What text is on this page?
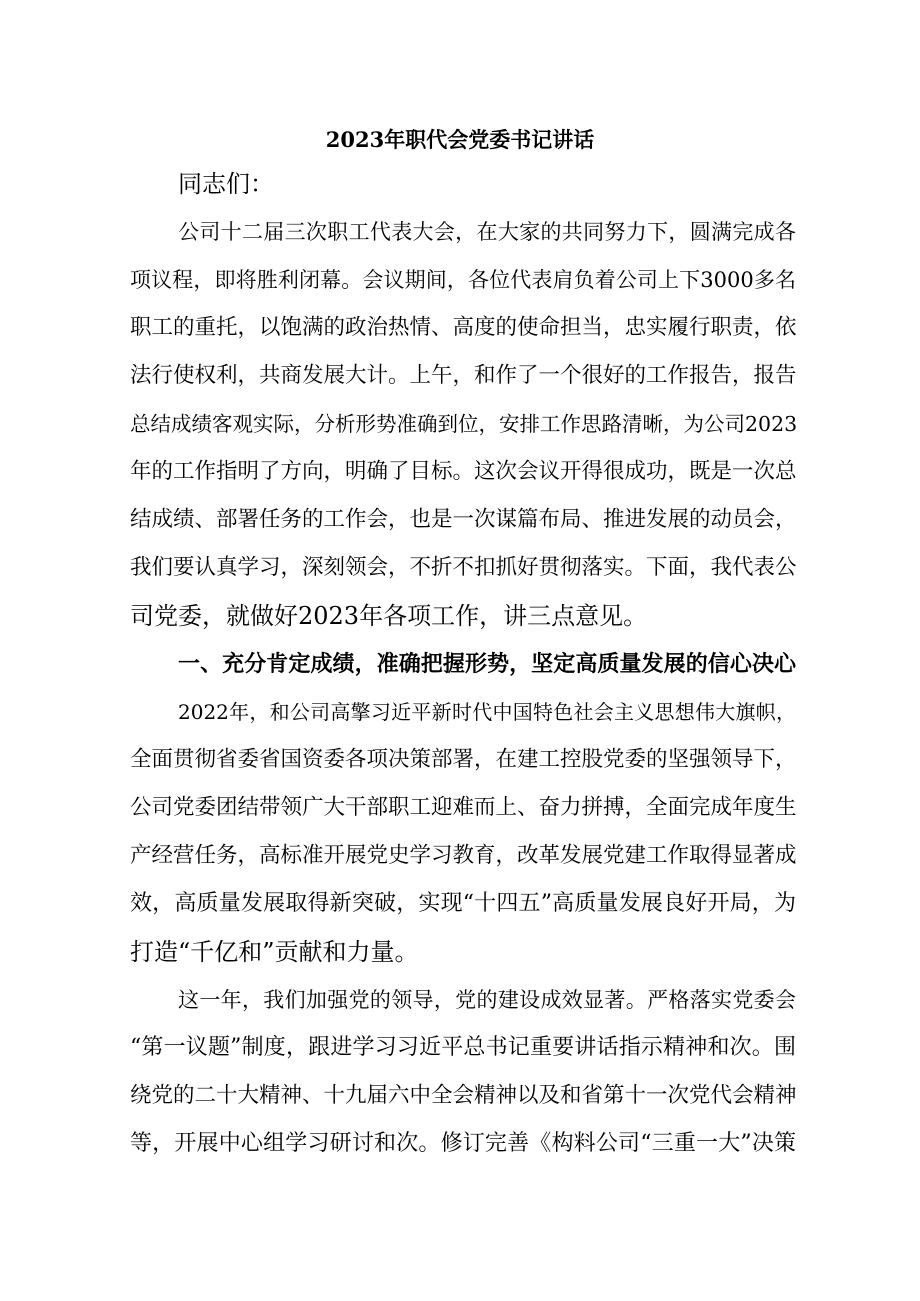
2023年职代会党委书记讲话
同志们：
公司十二届三次职工代表大会，在大家的共同努力下，圆满完成各
项议程，即将胜利闭幕。会议期间，各位代表肩负着公司上下3000多名
职工的重托，以饱满的政治热情、高度的使命担当，忠实履行职责，依
法行使权利，共商发展大计。上午，和作了一个很好的工作报告，报告
总结成绩客观实际，分析形势准确到位，安排工作思路清晰，为公司2023
年的工作指明了方向，明确了目标。这次会议开得很成功，既是一次总
结成绩、部署任务的工作会，也是一次谋篇布局、推进发展的动员会，
我们要认真学习，深刻领会，不折不扣抓好贯彻落实。下面，我代表公
司党委，就做好2023年各项工作，讲三点意见。
一、充分肯定成绩，准确把握形势，坚定高质量发展的信心决心
2022年，和公司高擎习近平新时代中国特色社会主义思想伟大旗帜，
全面贯彻省委省国资委各项决策部署，在建工控股党委的坚强领导下，
公司党委团结带领广大干部职工迎难而上、奋力拼搏，全面完成年度生
产经营任务，高标准开展党史学习教育，改革发展党建工作取得显著成
效，高质量发展取得新突破，实现“十四五”高质量发展良好开局，为
打造“千亿和”贡献和力量。
这一年，我们加强党的领导，党的建设成效显著。严格落实党委会
“第一议题”制度，跟进学习习近平总书记重要讲话指示精神和次。围
绕党的二十大精神、十九届六中全会精神以及和省第十一次党代会精神
等，开展中心组学习研讨和次。修订完善《构料公司“三重一大”决策
